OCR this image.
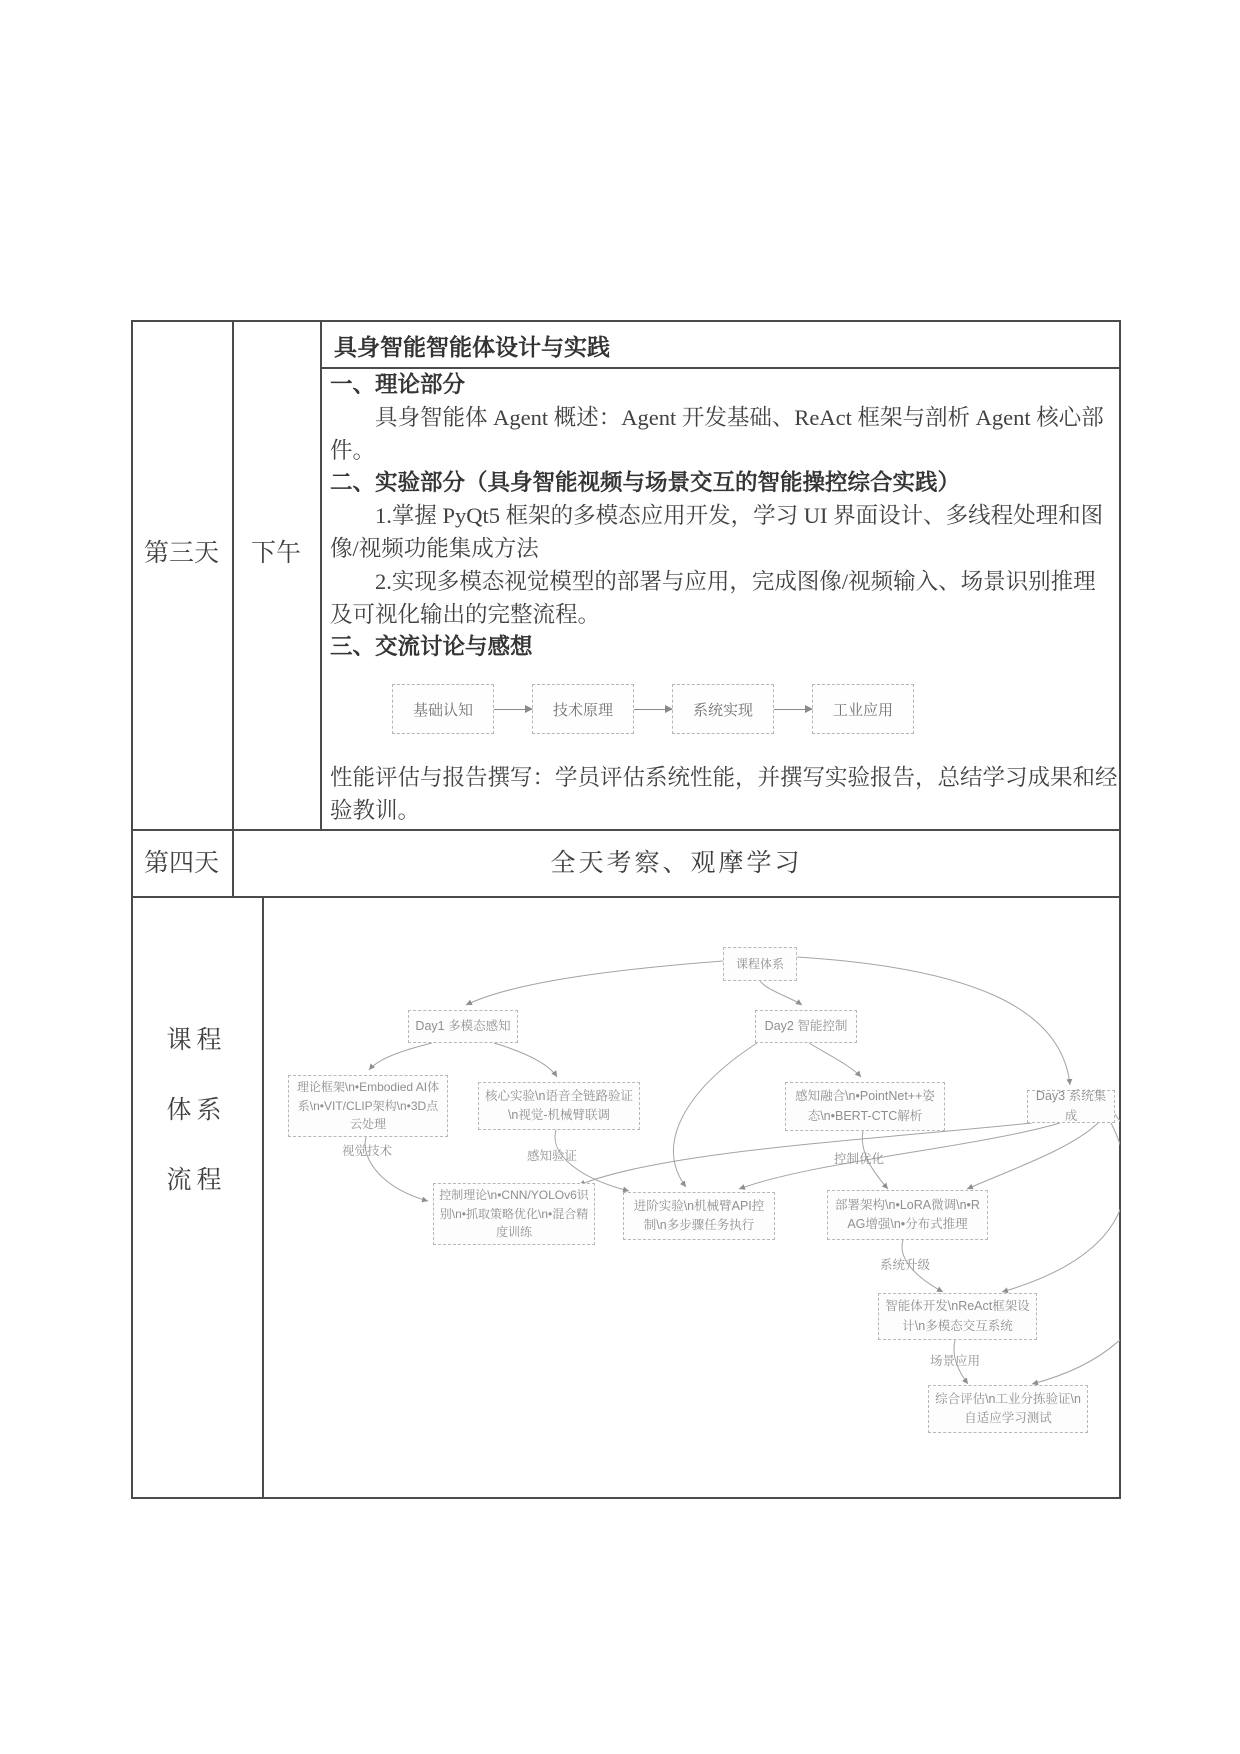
第三天	下午
具身智能智能体设计与实践

一、理论部分

具身智能体 Agent 概述：Agent 开发基础、ReAct 框架与剖析 Agent 核心部件。

二、实验部分（具身智能视频与场景交互的智能操控综合实践）

1.掌握 PyQt5 框架的多模态应用开发，学习 UI 界面设计、多线程处理和图像/视频功能集成方法

2.实现多模态视觉模型的部署与应用，完成图像/视频输入、场景识别推理及可视化输出的完整流程。

三、交流讨论与感想

基础认知	技术原理	系统实现	工业应用
性能评估与报告撰写：学员评估系统性能，并撰写实验报告，总结学习成果和经验教训。
第四天	全天考察、观摩学习
课程
体系
流程
课程体系
Day1 多模态感知	Day2 智能控制
Day3 系统集成
理论框架\n•Embodied AI体系\n•VIT/CLIP架构\n•3D点云处理
核心实验\n语音全链路验证\n视觉-机械臂联调
感知融合\n•PointNet++姿态\n•BERT-CTC解析
控制理论\n•CNN/YOLOv6识别\n•抓取策略优化\n•混合精度训练
进阶实验\n机械臂API控制\n多步骤任务执行
部署架构\n•LoRA微调\n•RAG增强\n•分布式推理
智能体开发\nReAct框架设计\n多模态交互系统
综合评估\n工业分拣验证\n自适应学习测试
视觉技术	感知验证	控制优化
系统升级
场景应用
